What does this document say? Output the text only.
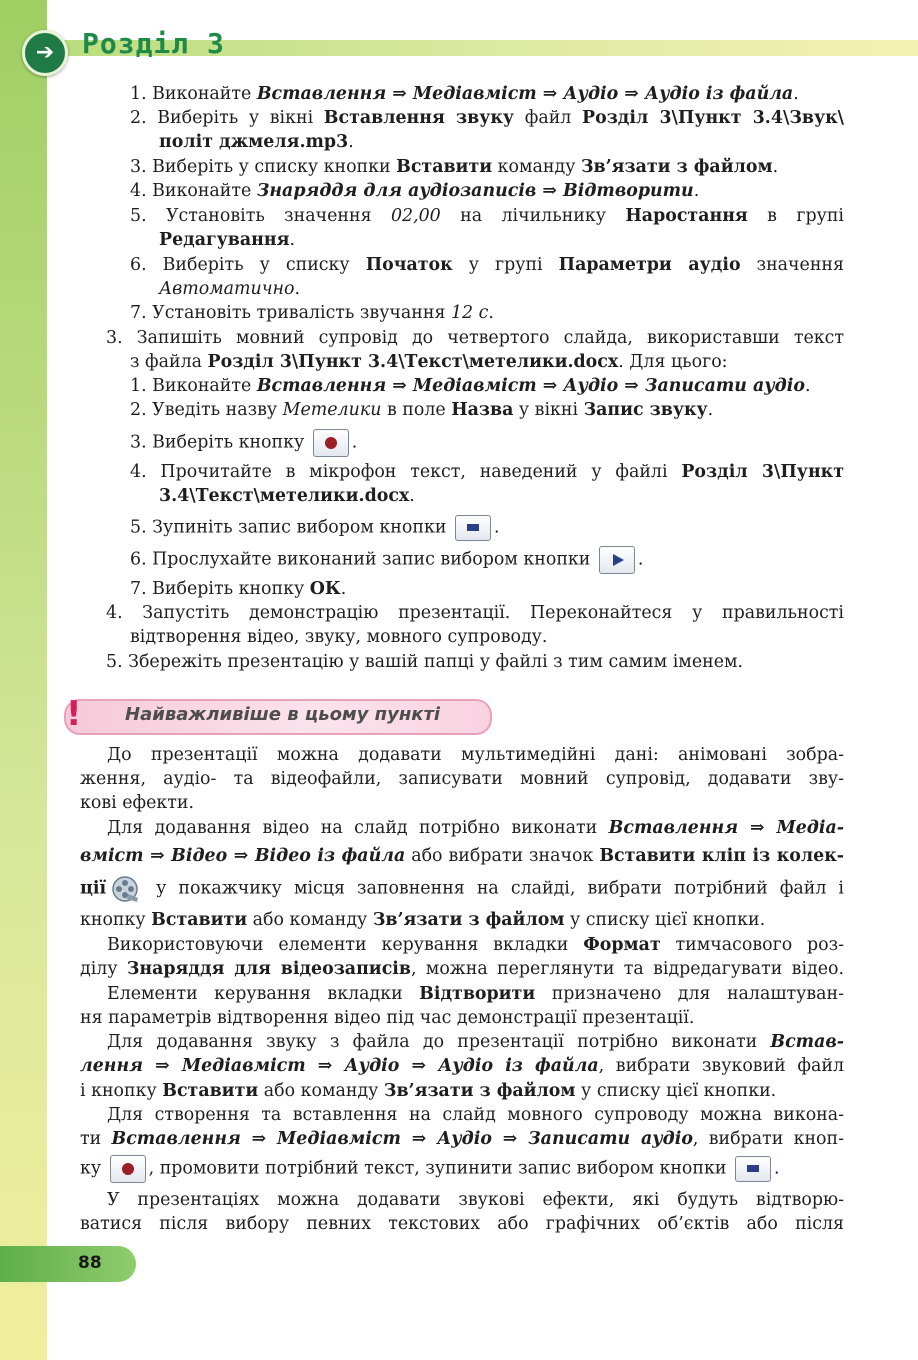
➔ Розділ 3
1. Виконайте Вставлення ⇒ Медіавміст ⇒ Аудіо ⇒ Аудіо із файла.
2. Виберіть у вікні Вставлення звуку файл Розділ 3\Пункт 3.4\Звук\
політ джмеля.mp3.
3. Виберіть у списку кнопки Вставити команду Зв’язати з файлом.
4. Виконайте Знаряддя для аудіозаписів ⇒ Відтворити.
5. Установіть значення 02,00 на лічильнику Наростання в групі
Редагування.
6. Виберіть у списку Початок у групі Параметри аудіо значення
Автоматично.
7. Установіть тривалість звучання 12 с.
3. Запишіть мовний супровід до четвертого слайда, використавши текст
з файла Розділ 3\Пункт 3.4\Текст\метелики.docx. Для цього:
1. Виконайте Вставлення ⇒ Медіавміст ⇒ Аудіо ⇒ Записати аудіо.
2. Уведіть назву Метелики в поле Назва у вікні Запис звуку.
3. Виберіть кнопку .
4. Прочитайте в мікрофон текст, наведений у файлі Розділ 3\Пункт
3.4\Текст\метелики.docx.
5. Зупиніть запис вибором кнопки .
6. Прослухайте виконаний запис вибором кнопки .
7. Виберіть кнопку ОК.
4. Запустіть демонстрацію презентації. Переконайтеся у правильності
відтворення відео, звуку, мовного супроводу.
5. Збережіть презентацію у вашій папці у файлі з тим самим іменем.
! Найважливіше в цьому пункті
До презентації можна додавати мультимедійні дані: анімовані зобра-
ження, аудіо- та відеофайли, записувати мовний супровід, додавати зву-
кові ефекти.
Для додавання відео на слайд потрібно виконати Вставлення ⇒ Медіа-
вміст ⇒ Відео ⇒ Відео із файла або вибрати значок Вставити кліп із колек-
ції у покажчику місця заповнення на слайді, вибрати потрібний файл і
кнопку Вставити або команду Зв’язати з файлом у списку цієї кнопки.
Використовуючи елементи керування вкладки Формат тимчасового роз-
ділу Знаряддя для відеозаписів, можна переглянути та відредагувати відео.
Елементи керування вкладки Відтворити призначено для налаштуван-
ня параметрів відтворення відео під час демонстрації презентації.
Для додавання звуку з файла до презентації потрібно виконати Встав-
лення ⇒ Медіавміст ⇒ Аудіо ⇒ Аудіо із файла, вибрати звуковий файл
і кнопку Вставити або команду Зв’язати з файлом у списку цієї кнопки.
Для створення та вставлення на слайд мовного супроводу можна викона-
ти Вставлення ⇒ Медіавміст ⇒ Аудіо ⇒ Записати аудіо, вибрати кноп-
ку , промовити потрібний текст, зупинити запис вибором кнопки .
У презентаціях можна додавати звукові ефекти, які будуть відтворю-
ватися після вибору певних текстових або графічних об’єктів або після
88
